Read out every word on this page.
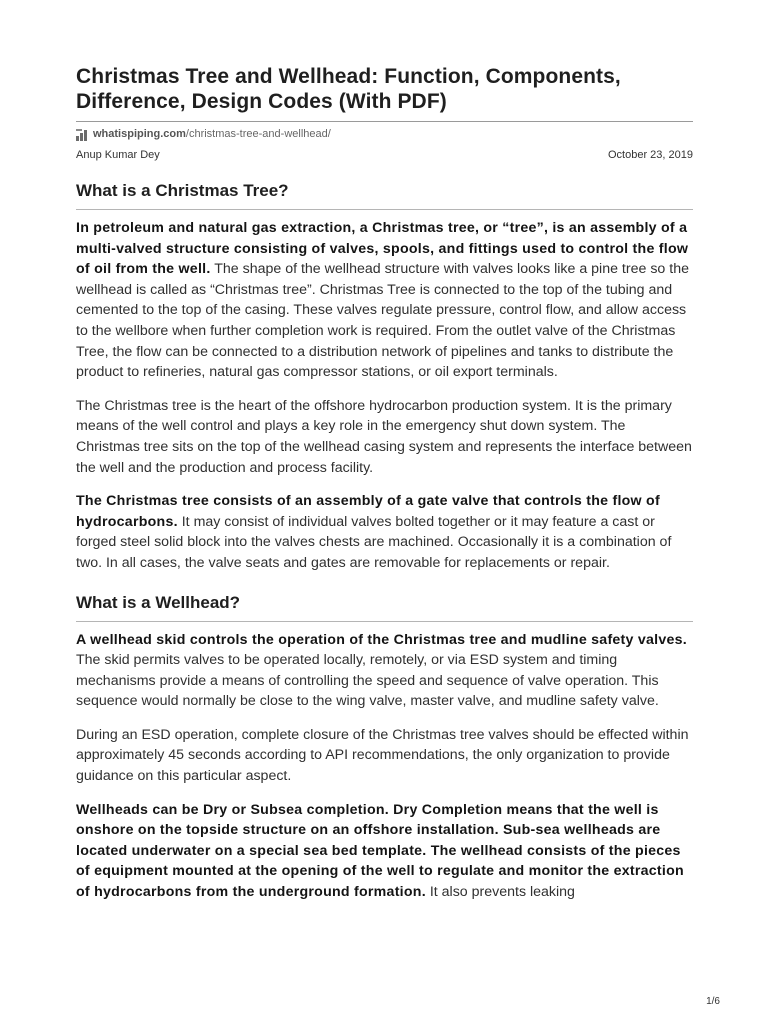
Christmas Tree and Wellhead: Function, Components, Difference, Design Codes (With PDF)
whatispiping.com /christmas-tree-and-wellhead/
Anup Kumar Dey	October 23, 2019
What is a Christmas Tree?

In petroleum and natural gas extraction, a Christmas tree, or “tree”, is an assembly of a multi-valved structure consisting of valves, spools, and fittings used to control the flow of oil from the well. The shape of the wellhead structure with valves looks like a pine tree so the wellhead is called as “Christmas tree”. Christmas Tree is connected to the top of the tubing and cemented to the top of the casing. These valves regulate pressure, control flow, and allow access to the wellbore when further completion work is required. From the outlet valve of the Christmas Tree, the flow can be connected to a distribution network of pipelines and tanks to distribute the product to refineries, natural gas compressor stations, or oil export terminals.

The Christmas tree is the heart of the offshore hydrocarbon production system. It is the primary means of the well control and plays a key role in the emergency shut down system. The Christmas tree sits on the top of the wellhead casing system and represents the interface between the well and the production and process facility.

The Christmas tree consists of an assembly of a gate valve that controls the flow of hydrocarbons. It may consist of individual valves bolted together or it may feature a cast or forged steel solid block into the valves chests are machined. Occasionally it is a combination of two. In all cases, the valve seats and gates are removable for replacements or repair.

What is a Wellhead?

A wellhead skid controls the operation of the Christmas tree and mudline safety valves. The skid permits valves to be operated locally, remotely, or via ESD system and timing mechanisms provide a means of controlling the speed and sequence of valve operation. This sequence would normally be close to the wing valve, master valve, and mudline safety valve.

During an ESD operation, complete closure of the Christmas tree valves should be effected within approximately 45 seconds according to API recommendations, the only organization to provide guidance on this particular aspect.

Wellheads can be Dry or Subsea completion. Dry Completion means that the well is onshore on the topside structure on an offshore installation. Sub-sea wellheads are located underwater on a special sea bed template. The wellhead consists of the pieces of equipment mounted at the opening of the well to regulate and monitor the extraction of hydrocarbons from the underground formation. It also prevents leaking

1/6
